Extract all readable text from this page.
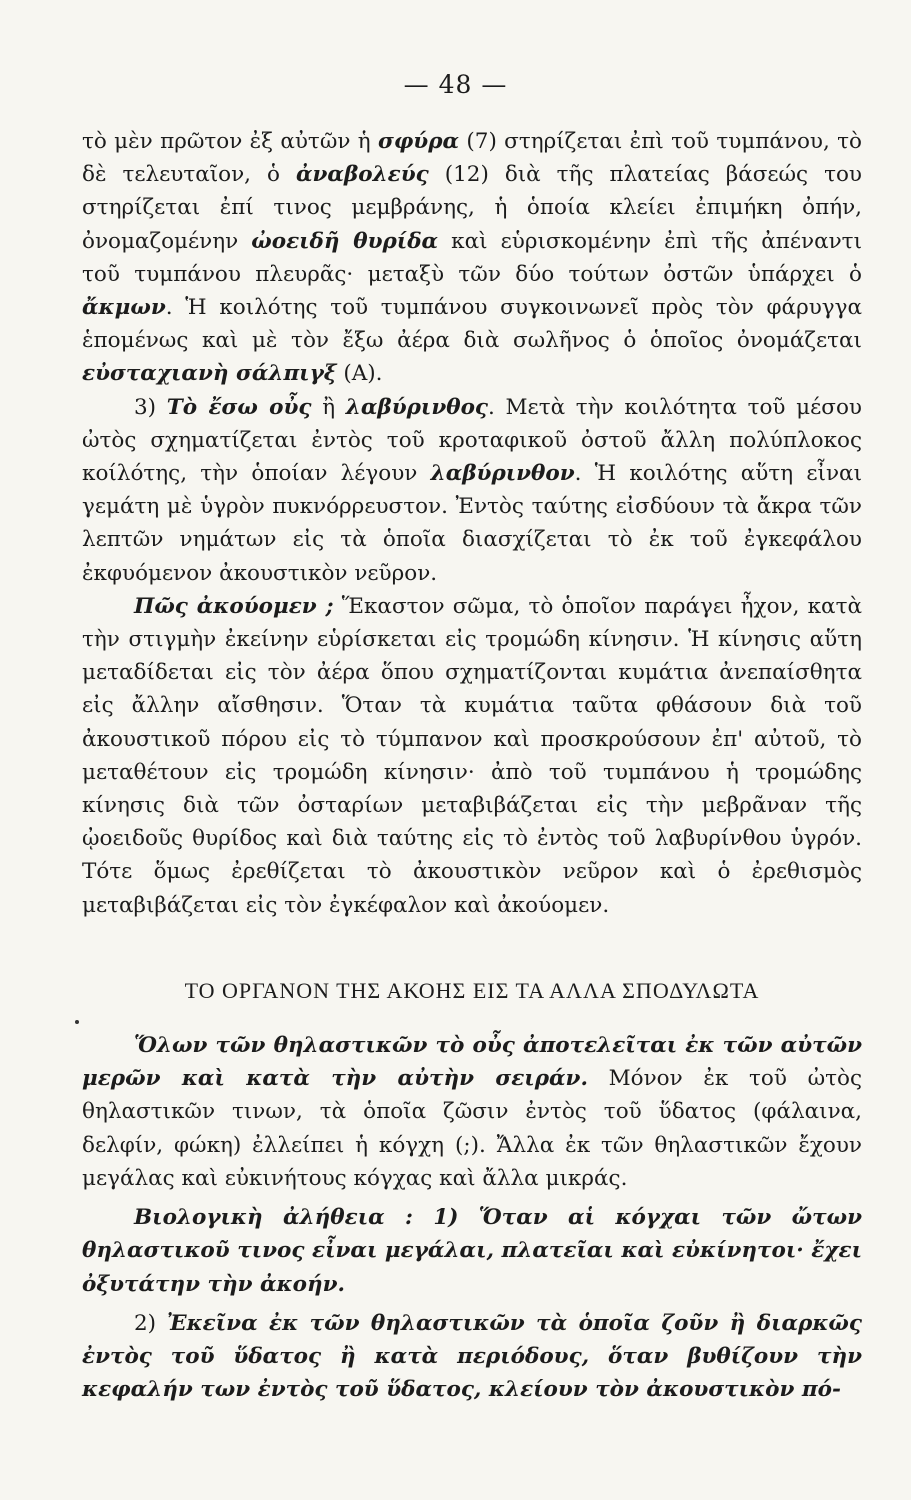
— 48 —

τὸ μὲν πρῶτον ἐξ αὐτῶν ἡ σφύρα (7) στηρίζεται ἐπὶ τοῦ τυμπάνου, τὸ δὲ τελευταῖον, ὁ ἀναβολεύς (12) διὰ τῆς πλατείας βάσεώς του στηρίζεται ἐπί τινος μεμβράνης, ἡ ὁποία κλείει ἐπιμήκη ὀπήν, ὀνομαζομένην ὠοειδῆ θυρίδα καὶ εὑρισκομένην ἐπὶ τῆς ἀπέναντι τοῦ τυμπάνου πλευρᾶς· μεταξὺ τῶν δύο τούτων ὀστῶν ὑπάρχει ὁ ἄκμων. Ἡ κοιλότης τοῦ τυμπάνου συγκοινωνεῖ πρὸς τὸν φάρυγγα ἑπομένως καὶ μὲ τὸν ἔξω ἀέρα διὰ σωλῆνος ὁ ὁποῖος ὀνομάζεται εὐσταχιανὴ σάλπιγξ (Α).

3) Τὸ ἔσω οὖς ἢ λαβύρινθος. Μετὰ τὴν κοιλότητα τοῦ μέσου ὠτὸς σχηματίζεται ἐντὸς τοῦ κροταφικοῦ ὀστοῦ ἄλλη πολύπλοκος κοίλότης, τὴν ὁποίαν λέγουν λαβύρινθον. Ἡ κοιλότης αὕτη εἶναι γεμάτη μὲ ὑγρὸν πυκνόρρευστον. Ἐντὸς ταύτης εἰσδύουν τὰ ἄκρα τῶν λεπτῶν νημάτων εἰς τὰ ὁποῖα διασχίζεται τὸ ἐκ τοῦ ἐγκεφάλου ἐκφυόμενον ἀκουστικὸν νεῦρον.

Πῶς ἀκούομεν ; Ἕκαστον σῶμα, τὸ ὁποῖον παράγει ἦχον, κατὰ τὴν στιγμὴν ἐκείνην εὑρίσκεται εἰς τρομώδη κίνησιν. Ἡ κίνησις αὕτη μεταδίδεται εἰς τὸν ἀέρα ὅπου σχηματίζονται κυμάτια ἀνεπαίσθητα εἰς ἄλλην αἴσθησιν. Ὅταν τὰ κυμάτια ταῦτα φθάσουν διὰ τοῦ ἀκουστικοῦ πόρου εἰς τὸ τύμπανον καὶ προσκρούσουν ἐπ' αὐτοῦ, τὸ μεταθέτουν εἰς τρομώδη κίνησιν· ἀπὸ τοῦ τυμπάνου ἡ τρομώδης κίνησις διὰ τῶν ὀσταρίων μεταβιβάζεται εἰς τὴν μεβρᾶναν τῆς ᾠοειδοῦς θυρίδος καὶ διὰ ταύτης εἰς τὸ ἐντὸς τοῦ λαβυρίνθου ὑγρόν. Τότε ὅμως ἐρεθίζεται τὸ ἀκουστικὸν νεῦρον καὶ ὁ ἐρεθισμὸς μεταβιβάζεται εἰς τὸν ἐγκέφαλον καὶ ἀκούομεν.

ΤΟ ΟΡΓΑΝΟΝ ΤΗΣ ΑΚΟΗΣ ΕΙΣ ΤΑ ΑΛΛΑ ΣΠΟΔΥΛΩΤΑ

Ὅλων τῶν θηλαστικῶν τὸ οὖς ἀποτελεῖται ἐκ τῶν αὐτῶν μερῶν καὶ κατὰ τὴν αὐτὴν σειράν. Μόνον ἐκ τοῦ ὠτὸς θηλαστικῶν τινων, τὰ ὁποῖα ζῶσιν ἐντὸς τοῦ ὕδατος (φάλαινα, δελφίν, φώκη) ἐλλείπει ἡ κόγχη (;). Ἄλλα ἐκ τῶν θηλαστικῶν ἔχουν μεγάλας καὶ εὐκινήτους κόγχας καὶ ἄλλα μικράς.

Βιολογικὴ ἀλήθεια : 1) Ὅταν αἱ κόγχαι τῶν ὤτων θηλαστικοῦ τινος εἶναι μεγάλαι, πλατεῖαι καὶ εὐκίνητοι· ἔχει ὀξυτάτην τὴν ἀκοήν.

2) Ἐκεῖνα ἐκ τῶν θηλαστικῶν τὰ ὁποῖα ζοῦν ἢ διαρκῶς ἐντὸς τοῦ ὕδατος ἢ κατὰ περιόδους, ὅταν βυθίζουν τὴν κεφαλήν των ἐντὸς τοῦ ὕδατος, κλείουν τὸν ἀκουστικὸν πό-
